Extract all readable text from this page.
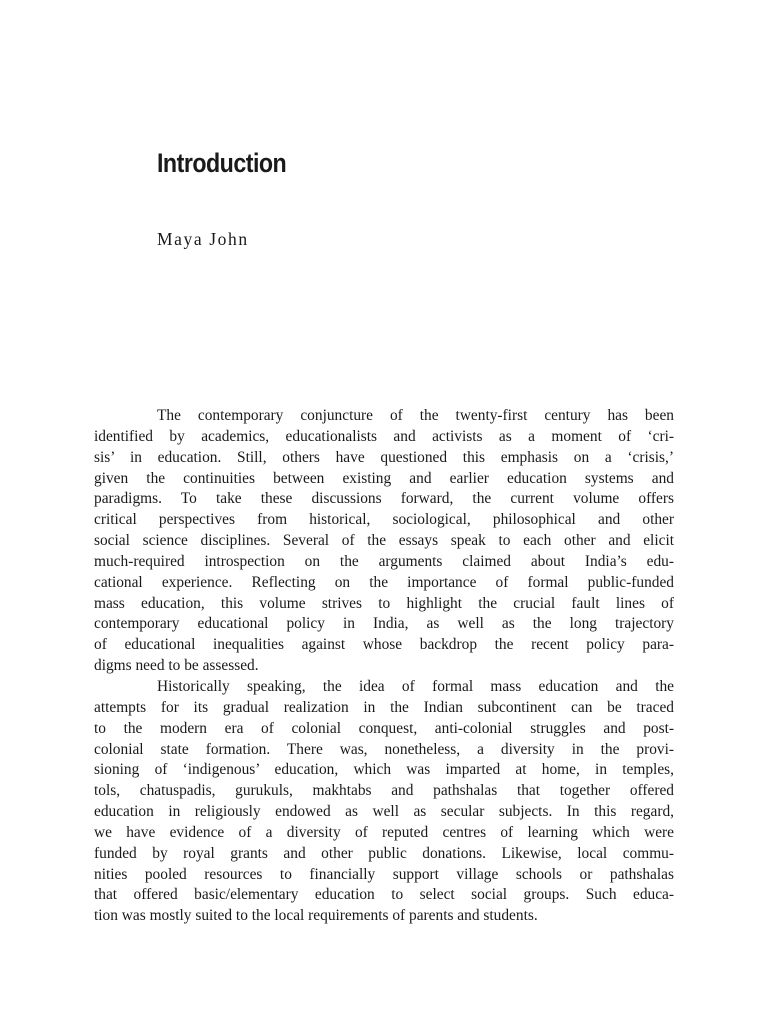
Introduction
Maya John
The contemporary conjuncture of the twenty-first century has been
identified by academics, educationalists and activists as a moment of ‘cri-
sis’ in education. Still, others have questioned this emphasis on a ‘crisis,’
given the continuities between existing and earlier education systems and
paradigms. To take these discussions forward, the current volume offers
critical perspectives from historical, sociological, philosophical and other
social science disciplines. Several of the essays speak to each other and elicit
much-required introspection on the arguments claimed about India’s edu-
cational experience. Reflecting on the importance of formal public-funded
mass education, this volume strives to highlight the crucial fault lines of
contemporary educational policy in India, as well as the long trajectory
of educational inequalities against whose backdrop the recent policy para-
digms need to be assessed.
Historically speaking, the idea of formal mass education and the
attempts for its gradual realization in the Indian subcontinent can be traced
to the modern era of colonial conquest, anti-colonial struggles and post-
colonial state formation. There was, nonetheless, a diversity in the provi-
sioning of ‘indigenous’ education, which was imparted at home, in temples,
tols, chatuspadis, gurukuls, makhtabs and pathshalas that together offered
education in religiously endowed as well as secular subjects. In this regard,
we have evidence of a diversity of reputed centres of learning which were
funded by royal grants and other public donations. Likewise, local commu-
nities pooled resources to financially support village schools or pathshalas
that offered basic/elementary education to select social groups. Such educa-
tion was mostly suited to the local requirements of parents and students.
